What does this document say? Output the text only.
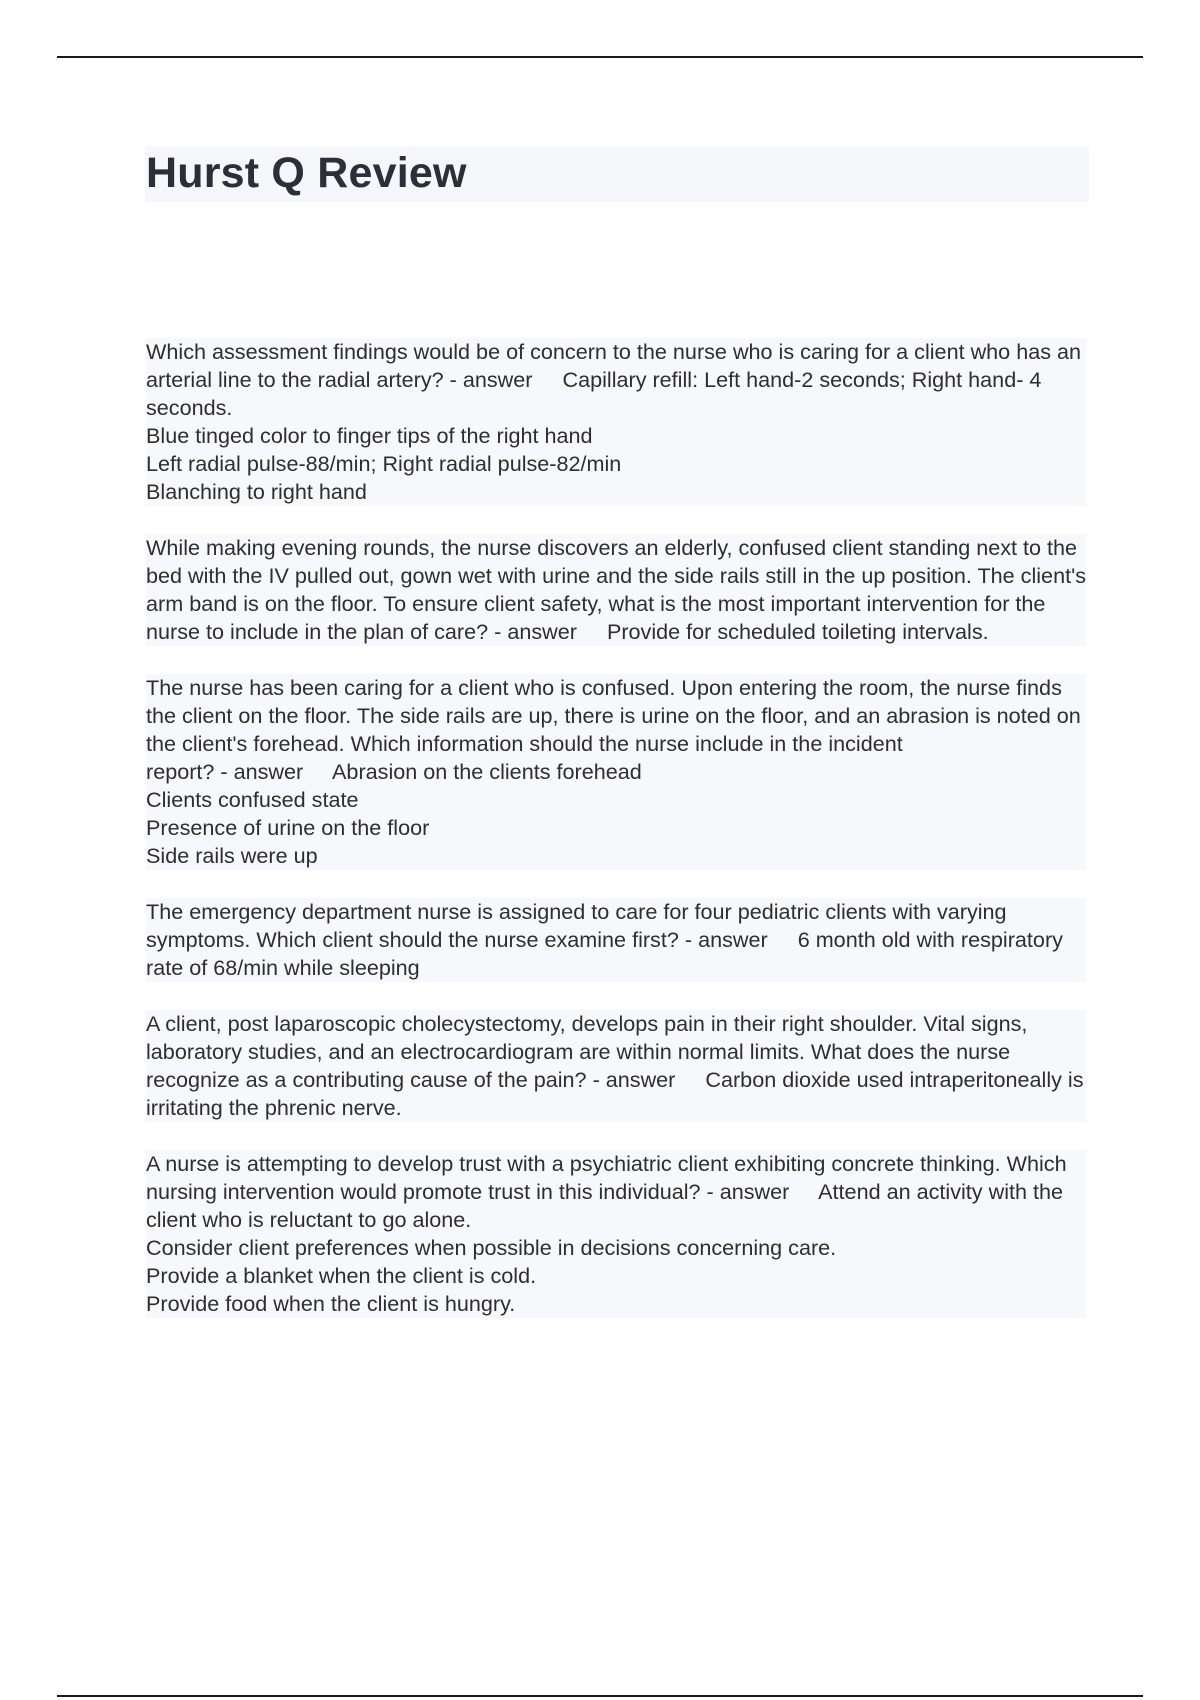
Hurst Q Review

Which assessment findings would be of concern to the nurse who is caring for a client who has an arterial line to the radial artery? - answer     Capillary refill: Left hand-2 seconds; Right hand- 4 seconds.
Blue tinged color to finger tips of the right hand
Left radial pulse-88/min; Right radial pulse-82/min
Blanching to right hand

While making evening rounds, the nurse discovers an elderly, confused client standing next to the bed with the IV pulled out, gown wet with urine and the side rails still in the up position. The client's arm band is on the floor. To ensure client safety, what is the most important intervention for the nurse to include in the plan of care? - answer     Provide for scheduled toileting intervals.

The nurse has been caring for a client who is confused. Upon entering the room, the nurse finds the client on the floor. The side rails are up, there is urine on the floor, and an abrasion is noted on the client's forehead. Which information should the nurse include in the incident report? - answer     Abrasion on the clients forehead
Clients confused state
Presence of urine on the floor
Side rails were up

The emergency department nurse is assigned to care for four pediatric clients with varying symptoms. Which client should the nurse examine first? - answer     6 month old with respiratory rate of 68/min while sleeping

A client, post laparoscopic cholecystectomy, develops pain in their right shoulder. Vital signs, laboratory studies, and an electrocardiogram are within normal limits. What does the nurse recognize as a contributing cause of the pain? - answer     Carbon dioxide used intraperitoneally is irritating the phrenic nerve.

A nurse is attempting to develop trust with a psychiatric client exhibiting concrete thinking. Which nursing intervention would promote trust in this individual? - answer     Attend an activity with the client who is reluctant to go alone.
Consider client preferences when possible in decisions concerning care.
Provide a blanket when the client is cold.
Provide food when the client is hungry.
